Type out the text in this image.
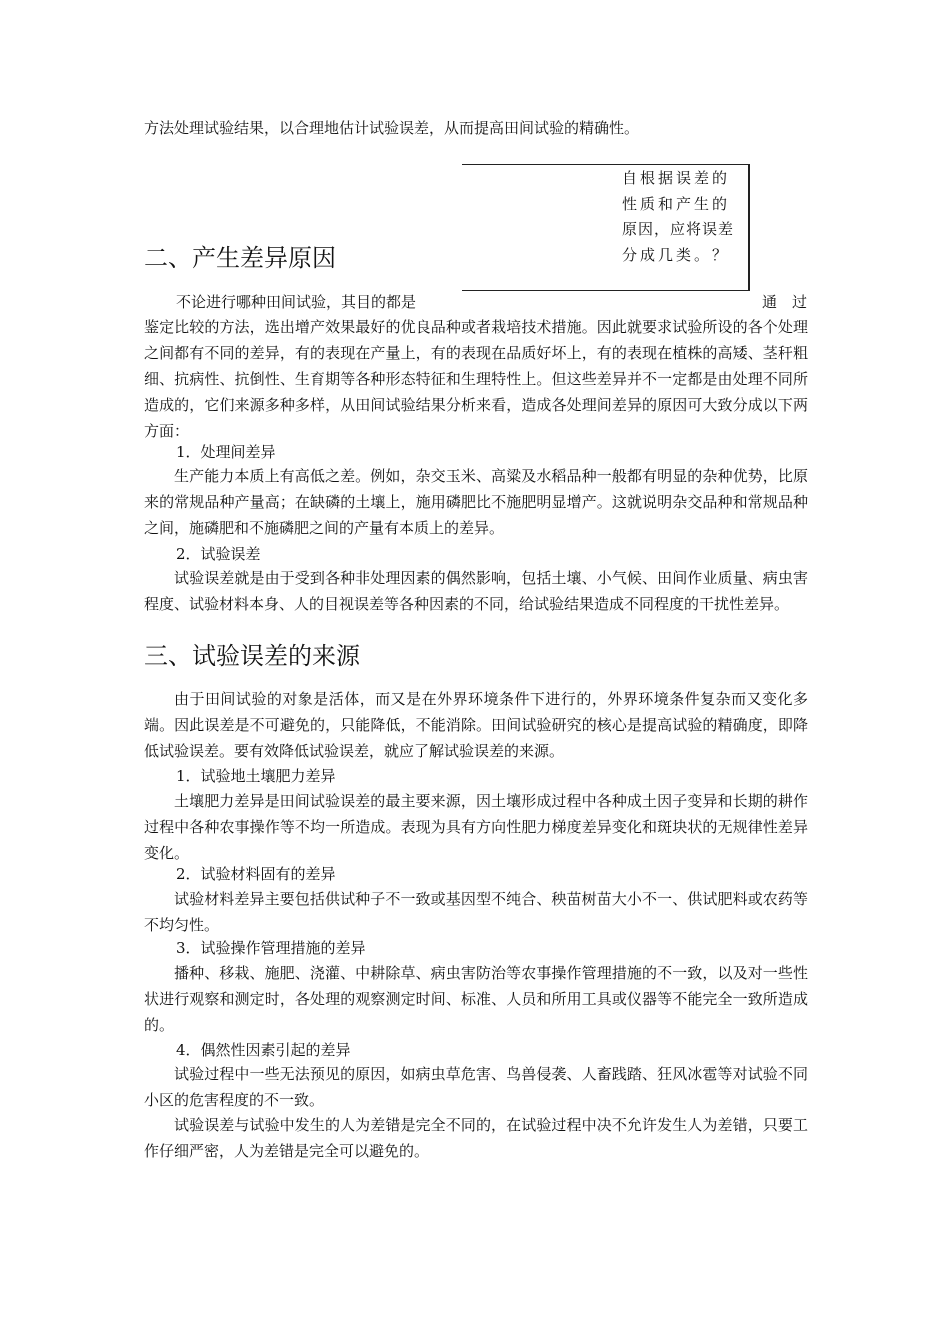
方法处理试验结果，以合理地估计试验误差，从而提高田间试验的精确性。
自根据误差的
性质和产生的
原因，应将误差
分成几类。？
二、产生差异原因
不论进行哪种田间试验，其目的都是	通　过
鉴定比较的方法，选出增产效果最好的优良品种或者栽培技术措施。因此就要求试验所设的各个处理之间都有不同的差异，有的表现在产量上，有的表现在品质好坏上，有的表现在植株的高矮、茎秆粗细、抗病性、抗倒性、生育期等各种形态特征和生理特性上。但这些差异并不一定都是由处理不同所造成的，它们来源多种多样，从田间试验结果分析来看，造成各处理间差异的原因可大致分成以下两方面：
1．处理间差异
生产能力本质上有高低之差。例如，杂交玉米、高粱及水稻品种一般都有明显的杂种优势，比原来的常规品种产量高；在缺磷的土壤上，施用磷肥比不施肥明显增产。这就说明杂交品种和常规品种之间，施磷肥和不施磷肥之间的产量有本质上的差异。
2．试验误差
试验误差就是由于受到各种非处理因素的偶然影响，包括土壤、小气候、田间作业质量、病虫害程度、试验材料本身、人的目视误差等各种因素的不同，给试验结果造成不同程度的干扰性差异。
三、试验误差的来源
由于田间试验的对象是活体，而又是在外界环境条件下进行的，外界环境条件复杂而又变化多端。因此误差是不可避免的，只能降低，不能消除。田间试验研究的核心是提高试验的精确度，即降低试验误差。要有效降低试验误差，就应了解试验误差的来源。
1．试验地土壤肥力差异
土壤肥力差异是田间试验误差的最主要来源，因土壤形成过程中各种成土因子变异和长期的耕作过程中各种农事操作等不均一所造成。表现为具有方向性肥力梯度差异变化和斑块状的无规律性差异变化。
2．试验材料固有的差异
试验材料差异主要包括供试种子不一致或基因型不纯合、秧苗树苗大小不一、供试肥料或农药等不均匀性。
3．试验操作管理措施的差异
播种、移栽、施肥、浇灌、中耕除草、病虫害防治等农事操作管理措施的不一致，以及对一些性状进行观察和测定时，各处理的观察测定时间、标准、人员和所用工具或仪器等不能完全一致所造成的。
4．偶然性因素引起的差异
试验过程中一些无法预见的原因，如病虫草危害、鸟兽侵袭、人畜践踏、狂风冰雹等对试验不同小区的危害程度的不一致。
试验误差与试验中发生的人为差错是完全不同的，在试验过程中决不允许发生人为差错，只要工作仔细严密，人为差错是完全可以避免的。
